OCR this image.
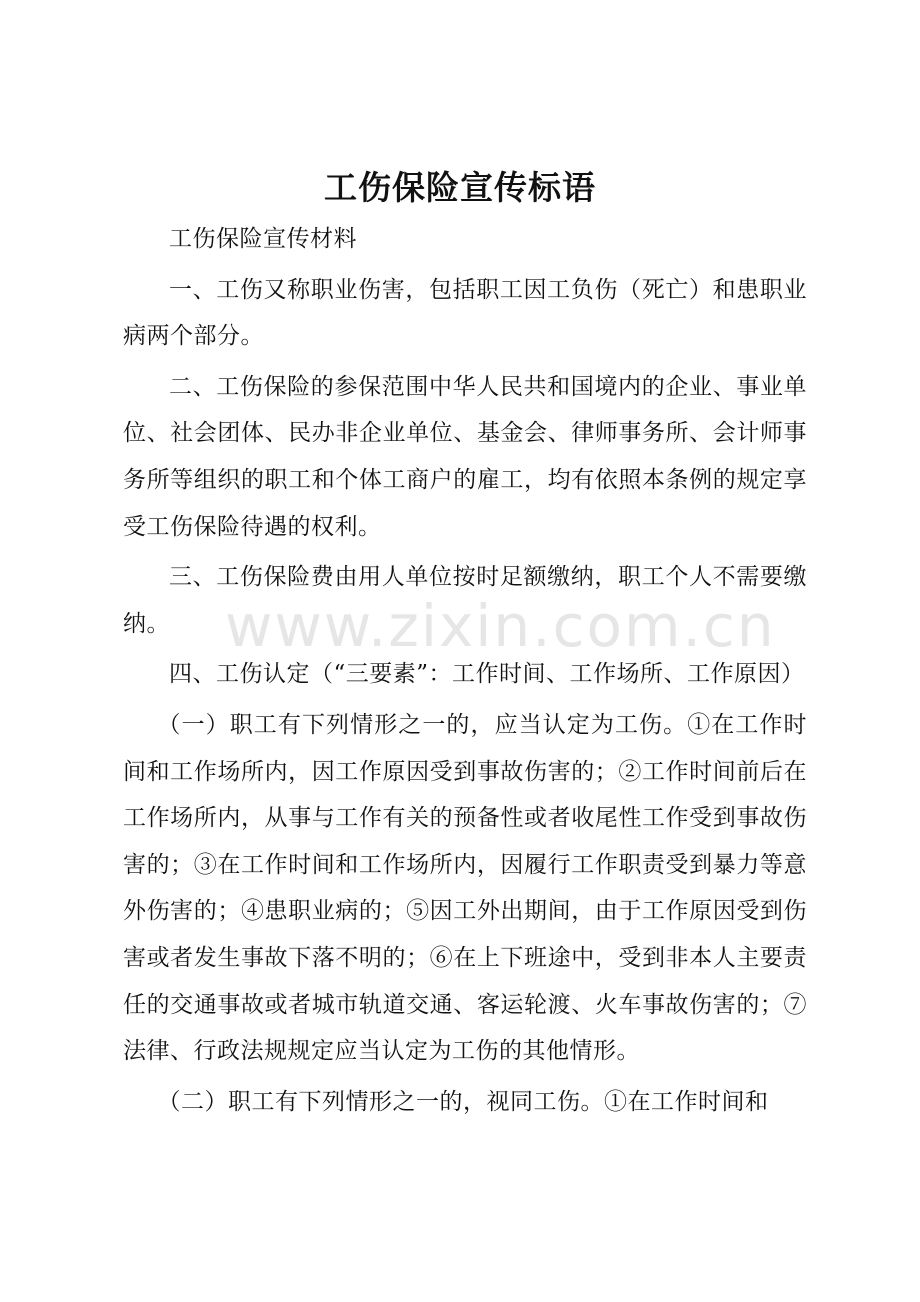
工伤保险宣传标语
www.zixin.com.cn

工伤保险宣传材料

一、工伤又称职业伤害，包括职工因工负伤（死亡）和患职业病两个部分。

二、工伤保险的参保范围中华人民共和国境内的企业、事业单位、社会团体、民办非企业单位、基金会、律师事务所、会计师事务所等组织的职工和个体工商户的雇工，均有依照本条例的规定享受工伤保险待遇的权利。

三、工伤保险费由用人单位按时足额缴纳，职工个人不需要缴纳。

四、工伤认定（“三要素”：工作时间、工作场所、工作原因）

（一）职工有下列情形之一的，应当认定为工伤。①在工作时间和工作场所内，因工作原因受到事故伤害的；②工作时间前后在工作场所内，从事与工作有关的预备性或者收尾性工作受到事故伤害的；③在工作时间和工作场所内，因履行工作职责受到暴力等意外伤害的；④患职业病的；⑤因工外出期间，由于工作原因受到伤害或者发生事故下落不明的；⑥在上下班途中，受到非本人主要责任的交通事故或者城市轨道交通、客运轮渡、火车事故伤害的；⑦法律、行政法规规定应当认定为工伤的其他情形。

（二）职工有下列情形之一的，视同工伤。①在工作时间和
